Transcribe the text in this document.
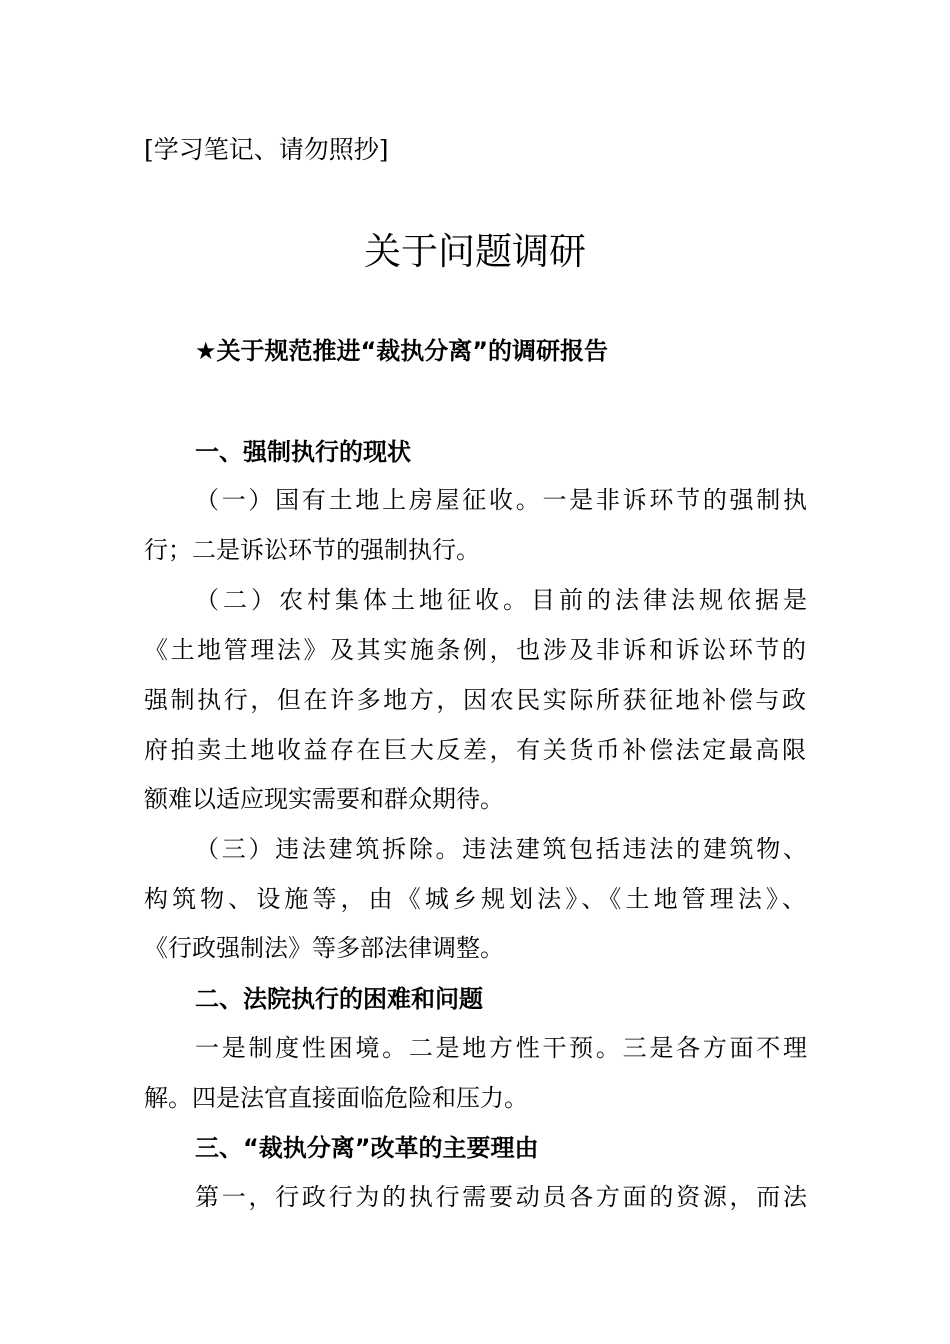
[学习笔记、请勿照抄]
关于问题调研
★关于规范推进“裁执分离”的调研报告
一、强制执行的现状
（一）国有土地上房屋征收。一是非诉环节的强制执
行；二是诉讼环节的强制执行。
（二）农村集体土地征收。目前的法律法规依据是
《土地管理法》及其实施条例，也涉及非诉和诉讼环节的
强制执行，但在许多地方，因农民实际所获征地补偿与政
府拍卖土地收益存在巨大反差，有关货币补偿法定最高限
额难以适应现实需要和群众期待。
（三）违法建筑拆除。违法建筑包括违法的建筑物、
构筑物、设施等，由《城乡规划法》、《土地管理法》、
《行政强制法》等多部法律调整。
二、法院执行的困难和问题
一是制度性困境。二是地方性干预。三是各方面不理
解。四是法官直接面临危险和压力。
三、“裁执分离”改革的主要理由
第一，行政行为的执行需要动员各方面的资源，而法
